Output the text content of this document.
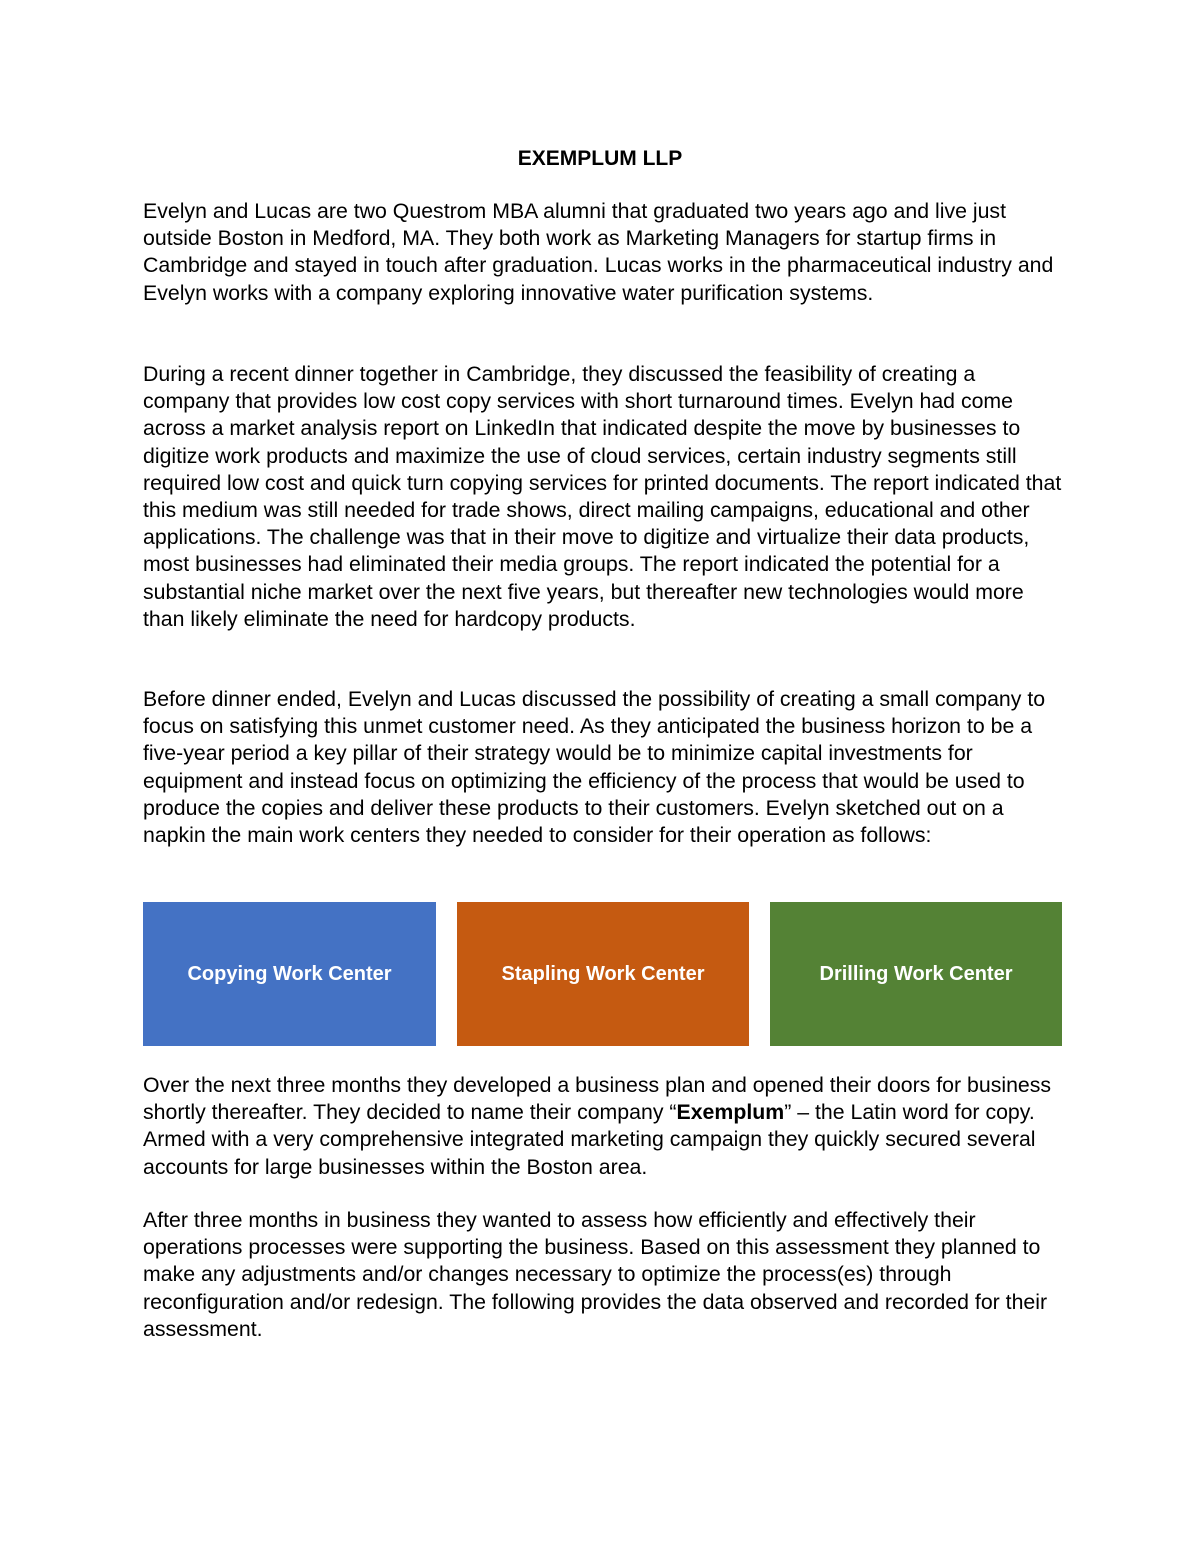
EXEMPLUM LLP

Evelyn and Lucas are two Questrom MBA alumni that graduated two years ago and live just outside Boston in Medford, MA. They both work as Marketing Managers for startup firms in Cambridge and stayed in touch after graduation. Lucas works in the pharmaceutical industry and Evelyn works with a company exploring innovative water purification systems.

During a recent dinner together in Cambridge, they discussed the feasibility of creating a company that provides low cost copy services with short turnaround times. Evelyn had come across a market analysis report on LinkedIn that indicated despite the move by businesses to digitize work products and maximize the use of cloud services, certain industry segments still required low cost and quick turn copying services for printed documents. The report indicated that this medium was still needed for trade shows, direct mailing campaigns, educational and other applications. The challenge was that in their move to digitize and virtualize their data products, most businesses had eliminated their media groups. The report indicated the potential for a substantial niche market over the next five years, but thereafter new technologies would more than likely eliminate the need for hardcopy products.

Before dinner ended, Evelyn and Lucas discussed the possibility of creating a small company to focus on satisfying this unmet customer need. As they anticipated the business horizon to be a five-year period a key pillar of their strategy would be to minimize capital investments for equipment and instead focus on optimizing the efficiency of the process that would be used to produce the copies and deliver these products to their customers. Evelyn sketched out on a napkin the main work centers they needed to consider for their operation as follows:

Copying Work Center	Stapling Work Center	Drilling Work Center

Over the next three months they developed a business plan and opened their doors for business shortly thereafter. They decided to name their company “Exemplum” – the Latin word for copy. Armed with a very comprehensive integrated marketing campaign they quickly secured several accounts for large businesses within the Boston area.

After three months in business they wanted to assess how efficiently and effectively their operations processes were supporting the business. Based on this assessment they planned to make any adjustments and/or changes necessary to optimize the process(es) through reconfiguration and/or redesign. The following provides the data observed and recorded for their assessment.
